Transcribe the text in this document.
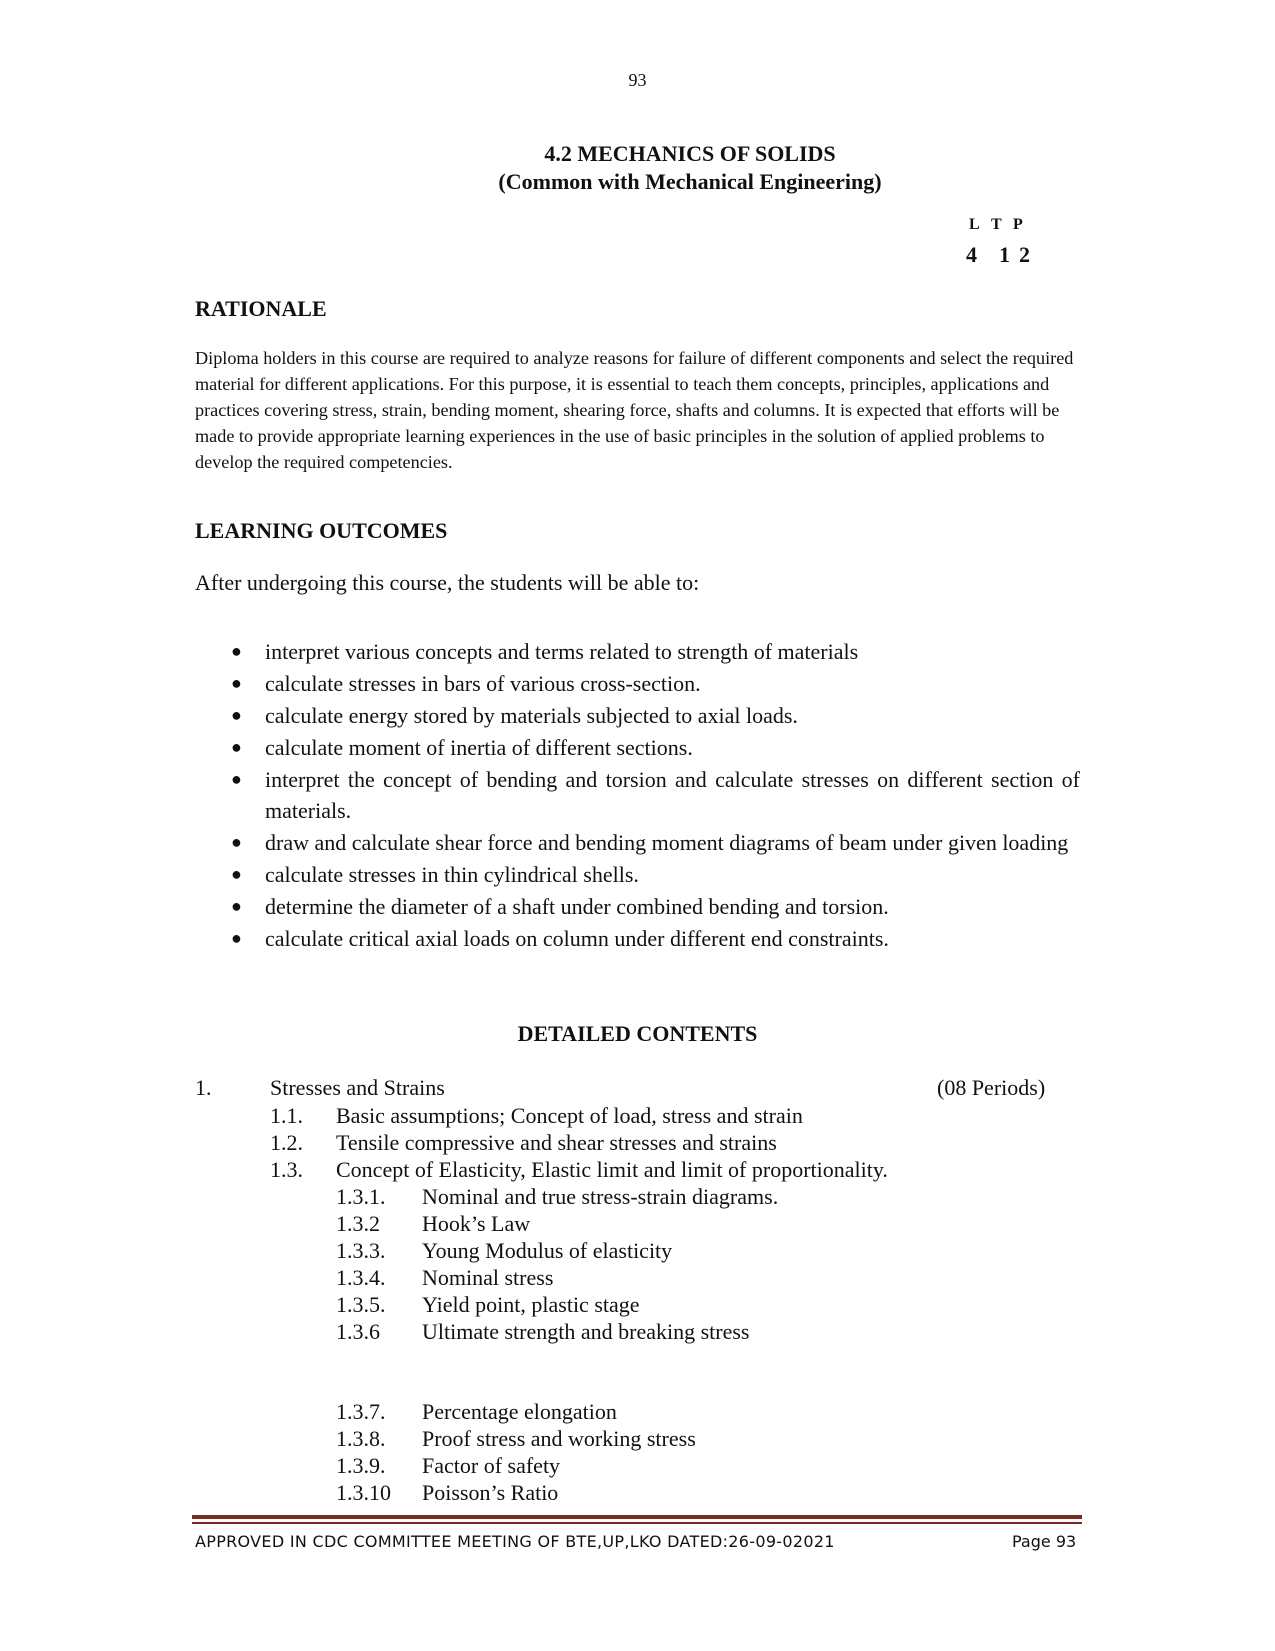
93
4.2 MECHANICS OF SOLIDS
(Common with Mechanical Engineering)
L T P
4 1 2
RATIONALE
Diploma holders in this course are required to analyze reasons for failure of different components and select the required material for different applications. For this purpose, it is essential to teach them concepts, principles, applications and practices covering stress, strain, bending moment, shearing force, shafts and columns. It is expected that efforts will be made to provide appropriate learning experiences in the use of basic principles in the solution of applied problems to develop the required competencies.
LEARNING OUTCOMES
After undergoing this course, the students will be able to:
● interpret various concepts and terms related to strength of materials
● calculate stresses in bars of various cross-section.
● calculate energy stored by materials subjected to axial loads.
● calculate moment of inertia of different sections.
● interpret the concept of bending and torsion and calculate stresses on different section of materials.
● draw and calculate shear force and bending moment diagrams of beam under given loading
● calculate stresses in thin cylindrical shells.
● determine the diameter of a shaft under combined bending and torsion.
● calculate critical axial loads on column under different end constraints.
DETAILED CONTENTS
1.	Stresses and Strains	(08 Periods)
1.1. Basic assumptions; Concept of load, stress and strain
1.2. Tensile compressive and shear stresses and strains
1.3. Concept of Elasticity, Elastic limit and limit of proportionality.
1.3.1. Nominal and true stress-strain diagrams.
1.3.2 Hook’s Law
1.3.3. Young Modulus of elasticity
1.3.4. Nominal stress
1.3.5. Yield point, plastic stage
1.3.6 Ultimate strength and breaking stress
1.3.7. Percentage elongation
1.3.8. Proof stress and working stress
1.3.9. Factor of safety
1.3.10 Poisson’s Ratio
APPROVED IN CDC COMMITTEE MEETING OF BTE,UP,LKO DATED:26-09-02021	Page 93
